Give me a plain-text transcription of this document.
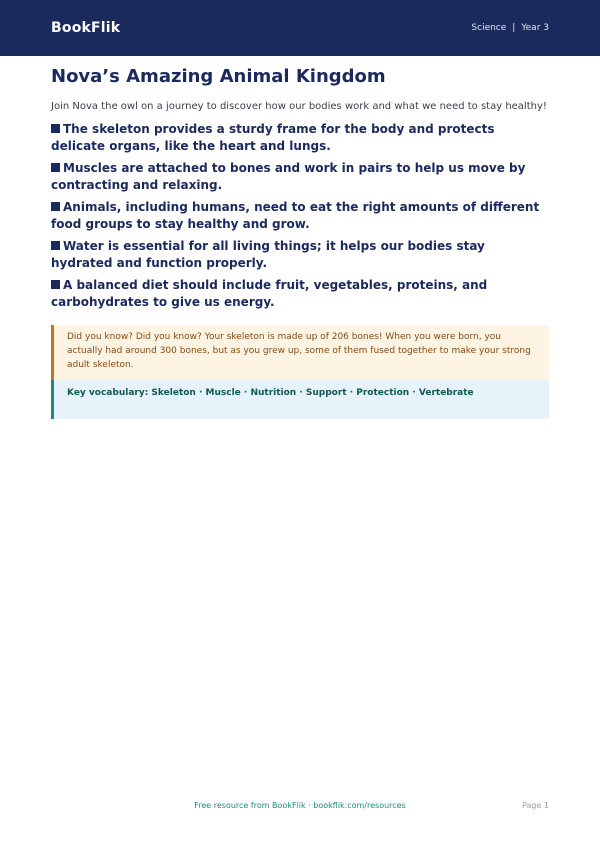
BookFlik	Science | Year 3
Nova’s Amazing Animal Kingdom

Join Nova the owl on a journey to discover how our bodies work and what we need to stay healthy!

The skeleton provides a sturdy frame for the body and protects delicate organs, like the heart and lungs.
Muscles are attached to bones and work in pairs to help us move by contracting and relaxing.
Animals, including humans, need to eat the right amounts of different food groups to stay healthy and grow.
Water is essential for all living things; it helps our bodies stay hydrated and function properly.
A balanced diet should include fruit, vegetables, proteins, and carbohydrates to give us energy.

Did you know? Did you know? Your skeleton is made up of 206 bones! When you were born, you actually had around 300 bones, but as you grew up, some of them fused together to make your strong adult skeleton.

Key vocabulary: Skeleton · Muscle · Nutrition · Support · Protection · Vertebrate

Free resource from BookFlik · bookflik.com/resources	Page 1
